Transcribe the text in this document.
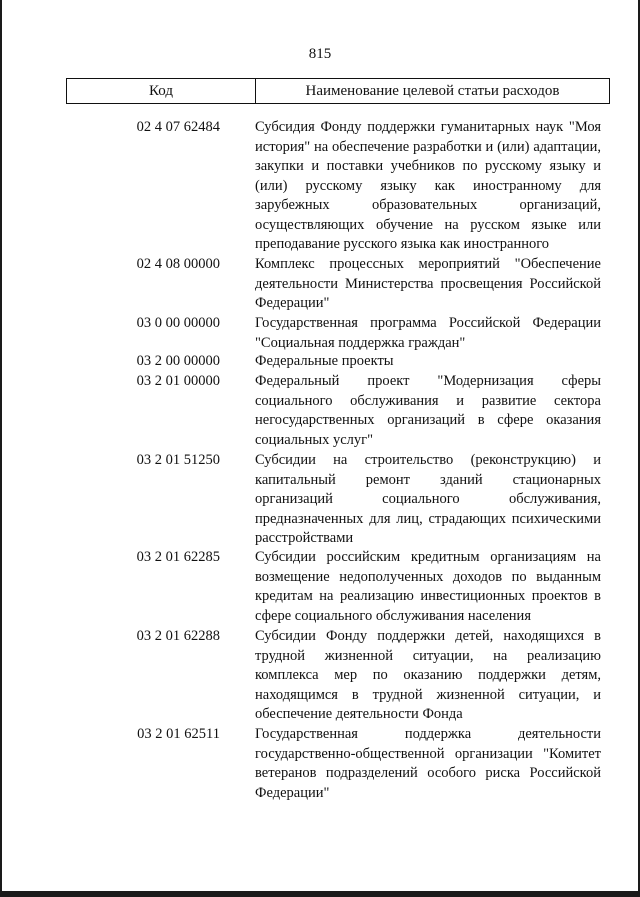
815
Код	Наименование целевой статьи расходов
02 4 07 62484 Субсидия Фонду поддержки гуманитарных наук "Моя история" на обеспечение разработки и (или) адаптации, закупки и поставки учебников по русскому языку и (или) русскому языку как иностранному для зарубежных образовательных организаций, осуществляющих обучение на русском языке или преподавание русского языка как иностранного
02 4 08 00000 Комплекс процессных мероприятий "Обеспечение деятельности Министерства просвещения Российской Федерации"
03 0 00 00000 Государственная программа Российской Федерации "Социальная поддержка граждан"
03 2 00 00000 Федеральные проекты
03 2 01 00000 Федеральный проект "Модернизация сферы социального обслуживания и развитие сектора негосударственных организаций в сфере оказания социальных услуг"
03 2 01 51250 Субсидии на строительство (реконструкцию) и капитальный ремонт зданий стационарных организаций социального обслуживания, предназначенных для лиц, страдающих психическими расстройствами
03 2 01 62285 Субсидии российским кредитным организациям на возмещение недополученных доходов по выданным кредитам на реализацию инвестиционных проектов в сфере социального обслуживания населения
03 2 01 62288 Субсидии Фонду поддержки детей, находящихся в трудной жизненной ситуации, на реализацию комплекса мер по оказанию поддержки детям, находящимся в трудной жизненной ситуации, и обеспечение деятельности Фонда
03 2 01 62511 Государственная поддержка деятельности государственно-общественной организации "Комитет ветеранов подразделений особого риска Российской Федерации"
